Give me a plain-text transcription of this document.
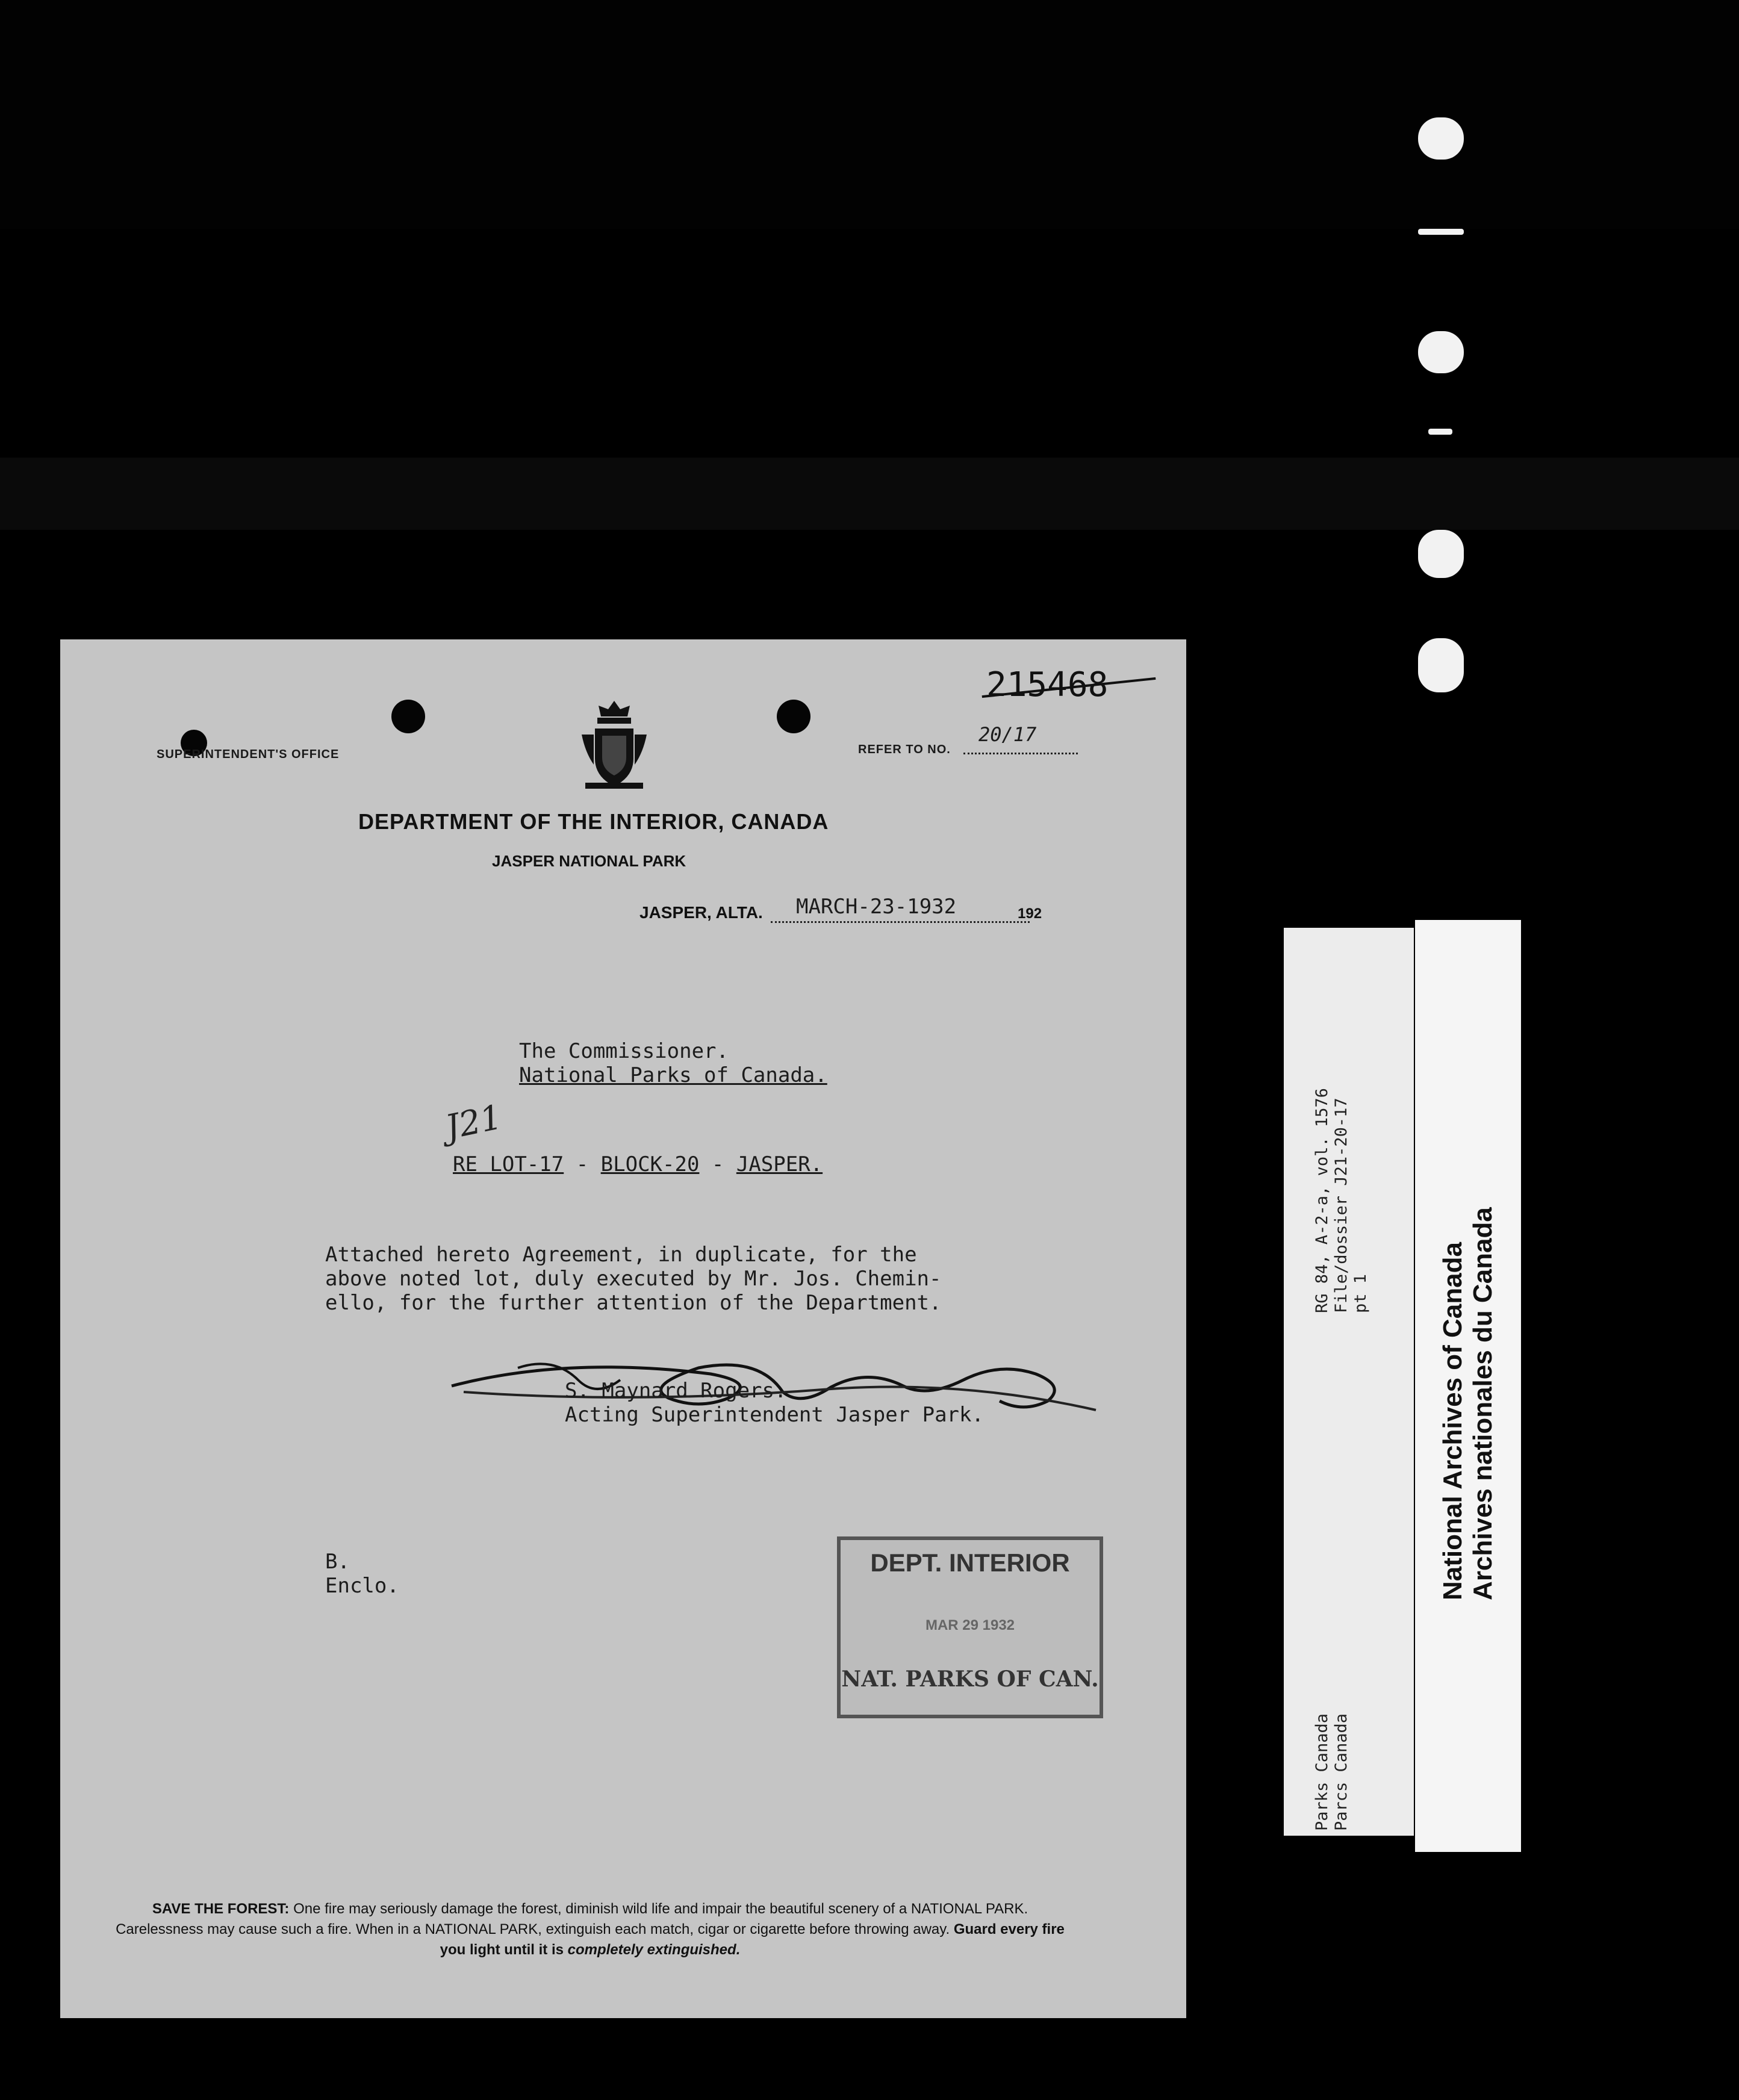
RG 84, A-2-a, vol. 1576 File/dossier J21-20-17 pt 1
Parks Canada Parcs Canada
National Archives of Canada Archives nationales du Canada
SUPERINTENDENT'S OFFICE	REFER TO NO.
20/17
215468
DEPARTMENT OF THE INTERIOR, CANADA
JASPER NATIONAL PARK
JASPER, ALTA. MARCH-23-1932	192
The Commissioner.
National Parks of Canada.
J21
RE LOT-17 - BLOCK-20 - JASPER.
Attached hereto Agreement, in duplicate, for the
above noted lot, duly executed by Mr. Jos. Chemin-
ello, for the further attention of the Department.
S. Maynard Rogers.
Acting Superintendent Jasper Park.
B.
Enclo.
DEPT. INTERIOR
MAR 29 1932
NAT. PARKS OF CAN.
SAVE THE FOREST: One fire may seriously damage the forest, diminish wild life and impair the beautiful scenery of a NATIONAL PARK. Carelessness may cause such a fire. When in a NATIONAL PARK, extinguish each match, cigar or cigarette before throwing away. Guard every fire you light until it is completely extinguished.
